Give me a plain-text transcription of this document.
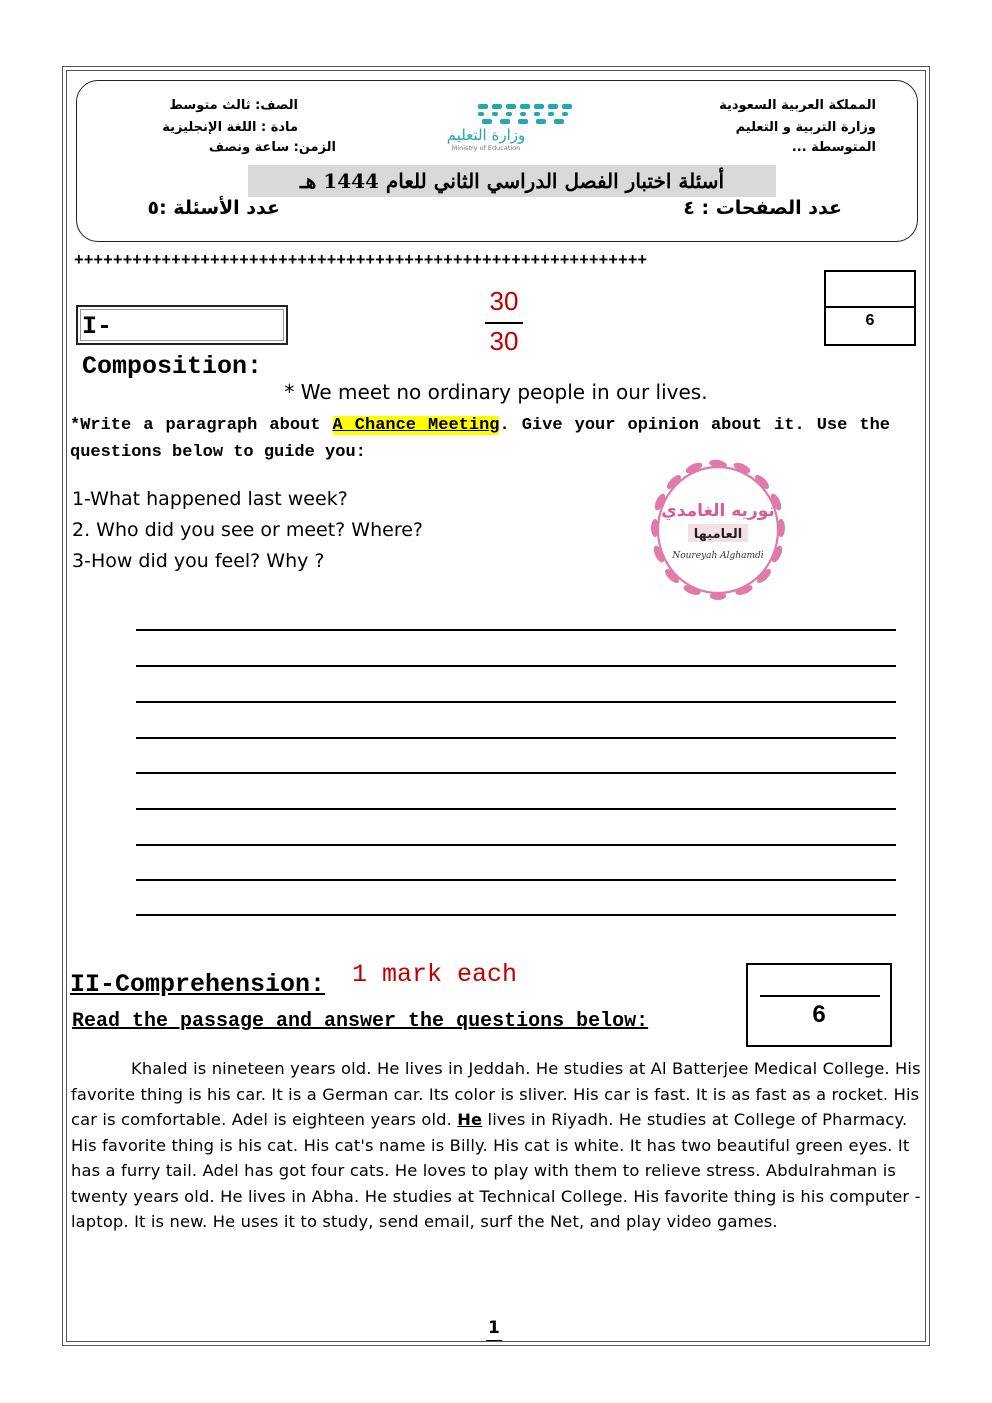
المملكة العربية السعودية
وزارة التربية و التعليم
المتوسطة ...
الصف: ثالث متوسط
مادة : اللغة الإنجليزية
الزمن: ساعة ونصف
وزارة التعليم
Ministry of Education
أسئلة اختبار الفصل الدراسي الثاني للعام 1444 هـ
عدد الصفحات : ٤
عدد الأسئلة :٥
+++++++++++++++++++++++++++++++++++++++++++++++++++++++++++
I-Composition:
30
30
6
* We meet no ordinary people in our lives.
*Write a paragraph about A Chance Meeting. Give your opinion about it. Use the questions below to guide you:
1-What happened last week?
2. Who did you see or meet? Where?
3-How did you feel? Why ?
نوريه الغامدي
العاميها
Noureyah Alghamdi
II-Comprehension: 1 mark each
Read the passage and answer the questions below:	6
Khaled is nineteen years old. He lives in Jeddah. He studies at Al Batterjee Medical College. His favorite thing is his car. It is a German car. Its color is sliver. His car is fast. It is as fast as a rocket. His car is comfortable. Adel is eighteen years old. He lives in Riyadh. He studies at College of Pharmacy. His favorite thing is his cat. His cat's name is Billy. His cat is white. It has two beautiful green eyes. It has a furry tail. Adel has got four cats. He loves to play with them to relieve stress. Abdulrahman is twenty years old. He lives in Abha. He studies at Technical College. His favorite thing is his computer - laptop. It is new. He uses it to study, send email, surf the Net, and play video games.
1
